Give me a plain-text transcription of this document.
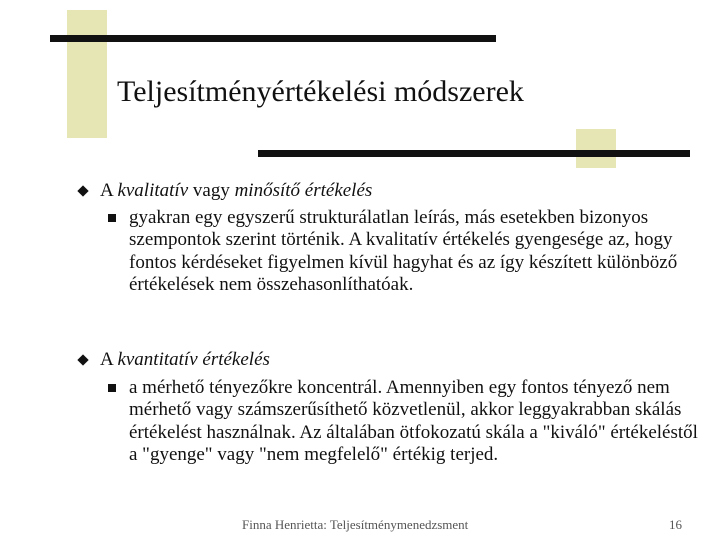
Teljesítményértékelési módszerek
A kvalitatív vagy minősítő értékelés
gyakran egy egyszerű strukturálatlan leírás, más esetekben bizonyos szempontok szerint történik. A kvalitatív értékelés gyengesége az, hogy fontos kérdéseket figyelmen kívül hagyhat és az így készített különböző értékelések nem összehasonlíthatóak.
A kvantitatív értékelés
a mérhető tényezőkre koncentrál. Amennyiben egy fontos tényező nem mérhető vagy számszerűsíthető közvetlenül, akkor leggyakrabban skálás értékelést használnak. Az általában ötfokozatú skála a "kiváló" értékeléstől a "gyenge" vagy "nem megfelelő" értékig terjed.
Finna Henrietta: Teljesítménymenedzsment	16
